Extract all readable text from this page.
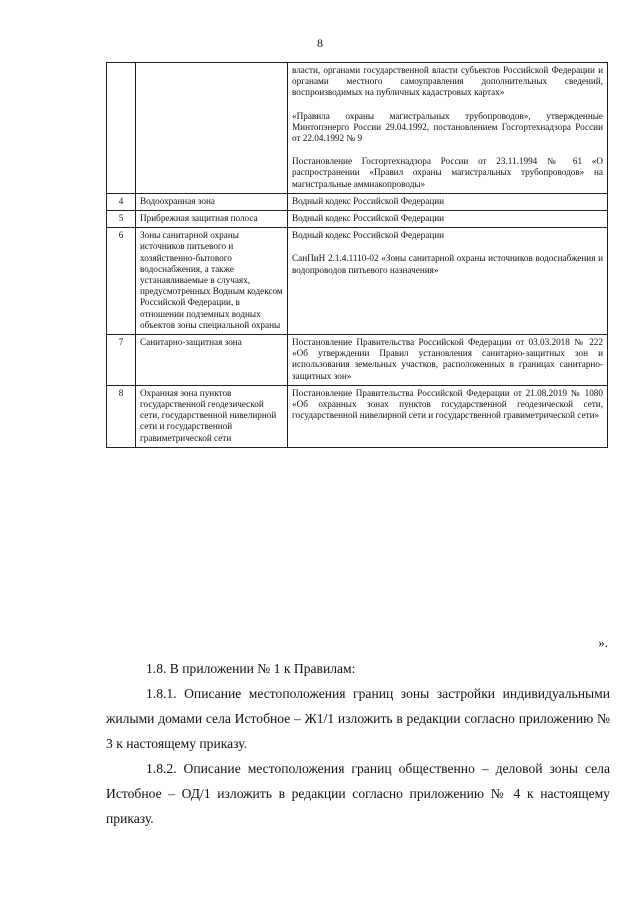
8

		власти, органами государственной власти субъектов Российской Федерации и органами местного самоуправления дополнительных сведений, воспроизводимых на публичных кадастровых картах»

«Правила охраны магистральных трубопроводов», утвержденные Минтопэнерго России 29.04.1992, постановлением Госгортехнадзора России от 22.04.1992 № 9

Постановление Госгортехнадзора России от 23.11.1994 № 61 «О распространении «Правил охраны магистральных трубопроводов» на магистральные аммиакопроводы»

4	Водоохранная зона	Водный кодекс Российской Федерации

5	Прибрежная защитная полоса	Водный кодекс Российской Федерации

6	Зоны санитарной охраны источников питьевого и хозяйственно-бытового водоснабжения, а также устанавливаемые в случаях, предусмотренных Водным кодексом Российской Федерации, в отношении подземных водных объектов зоны специальной охраны	Водный кодекс Российской Федерации

СанПиН 2.1.4.1110-02 «Зоны санитарной охраны источников водоснабжения и водопроводов питьевого назначения»

7	Санитарно-защитная зона	Постановление Правительства Российской Федерации от 03.03.2018 № 222 «Об утверждении Правил установления санитарно-защитных зон и использования земельных участков, расположенных в границах санитарно-защитных зон»

8	Охранная зона пунктов государственной геодезической сети, государственной нивелирной сети и государственной гравиметрической сети	Постановление Правительства Российской Федерации от 21.08.2019 № 1080 «Об охранных зонах пунктов государственной геодезической сети, государственной нивелирной сети и государственной гравиметрической сети»

».

1.8. В приложении № 1 к Правилам:

1.8.1. Описание местоположения границ зоны застройки индивидуальными жилыми домами села Истобное – Ж1/1 изложить в редакции согласно приложению № 3 к настоящему приказу.

1.8.2. Описание местоположения границ общественно – деловой зоны села Истобное – ОД/1 изложить в редакции согласно приложению № 4 к настоящему приказу.
